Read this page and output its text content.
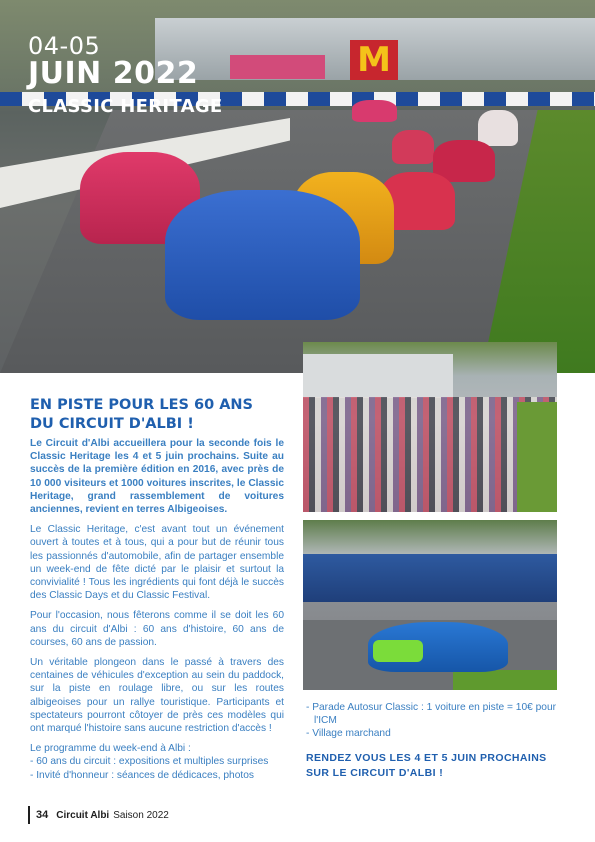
M
04-05
JUIN 2022
CLASSIC HERITAGE
EN PISTE POUR LES 60 ANS
DU CIRCUIT D'ALBI !

Le Circuit d'Albi accueillera pour la seconde fois le Classic Heritage les 4 et 5 juin prochains. Suite au succès de la première édition en 2016, avec près de 10 000 visiteurs et 1000 voitures inscrites, le Classic Heritage, grand rassemblement de voitures anciennes, revient en terres Albigeoises.

Le Classic Heritage, c'est avant tout un événement ouvert à toutes et à tous, qui a pour but de réunir tous les passionnés d'automobile, afin de partager ensemble un week-end de fête dicté par le plaisir et surtout la convivialité ! Tous les ingrédients qui font déjà le succès des Classic Days et du Classic Festival.

Pour l'occasion, nous fêterons comme il se doit les 60 ans du circuit d'Albi : 60 ans d'histoire, 60 ans de courses, 60 ans de passion.

Un véritable plongeon dans le passé à travers des centaines de véhicules d'exception au sein du paddock, sur la piste en roulage libre, ou sur les routes albigeoises pour un rallye touristique. Participants et spectateurs pourront côtoyer de près ces modèles qui ont marqué l'histoire sans aucune restriction d'accès !

Le programme du week-end à Albi :

- 60 ans du circuit : expositions et multiples surprises

- Invité d'honneur : séances de dédicaces, photos

- Parade Autosur Classic : 1 voiture en piste = 10€ pour l'ICM
- Village marchand
RENDEZ VOUS LES 4 ET 5 JUIN PROCHAINS
SUR LE CIRCUIT D'ALBI !
34 Circuit Albi Saison 2022
